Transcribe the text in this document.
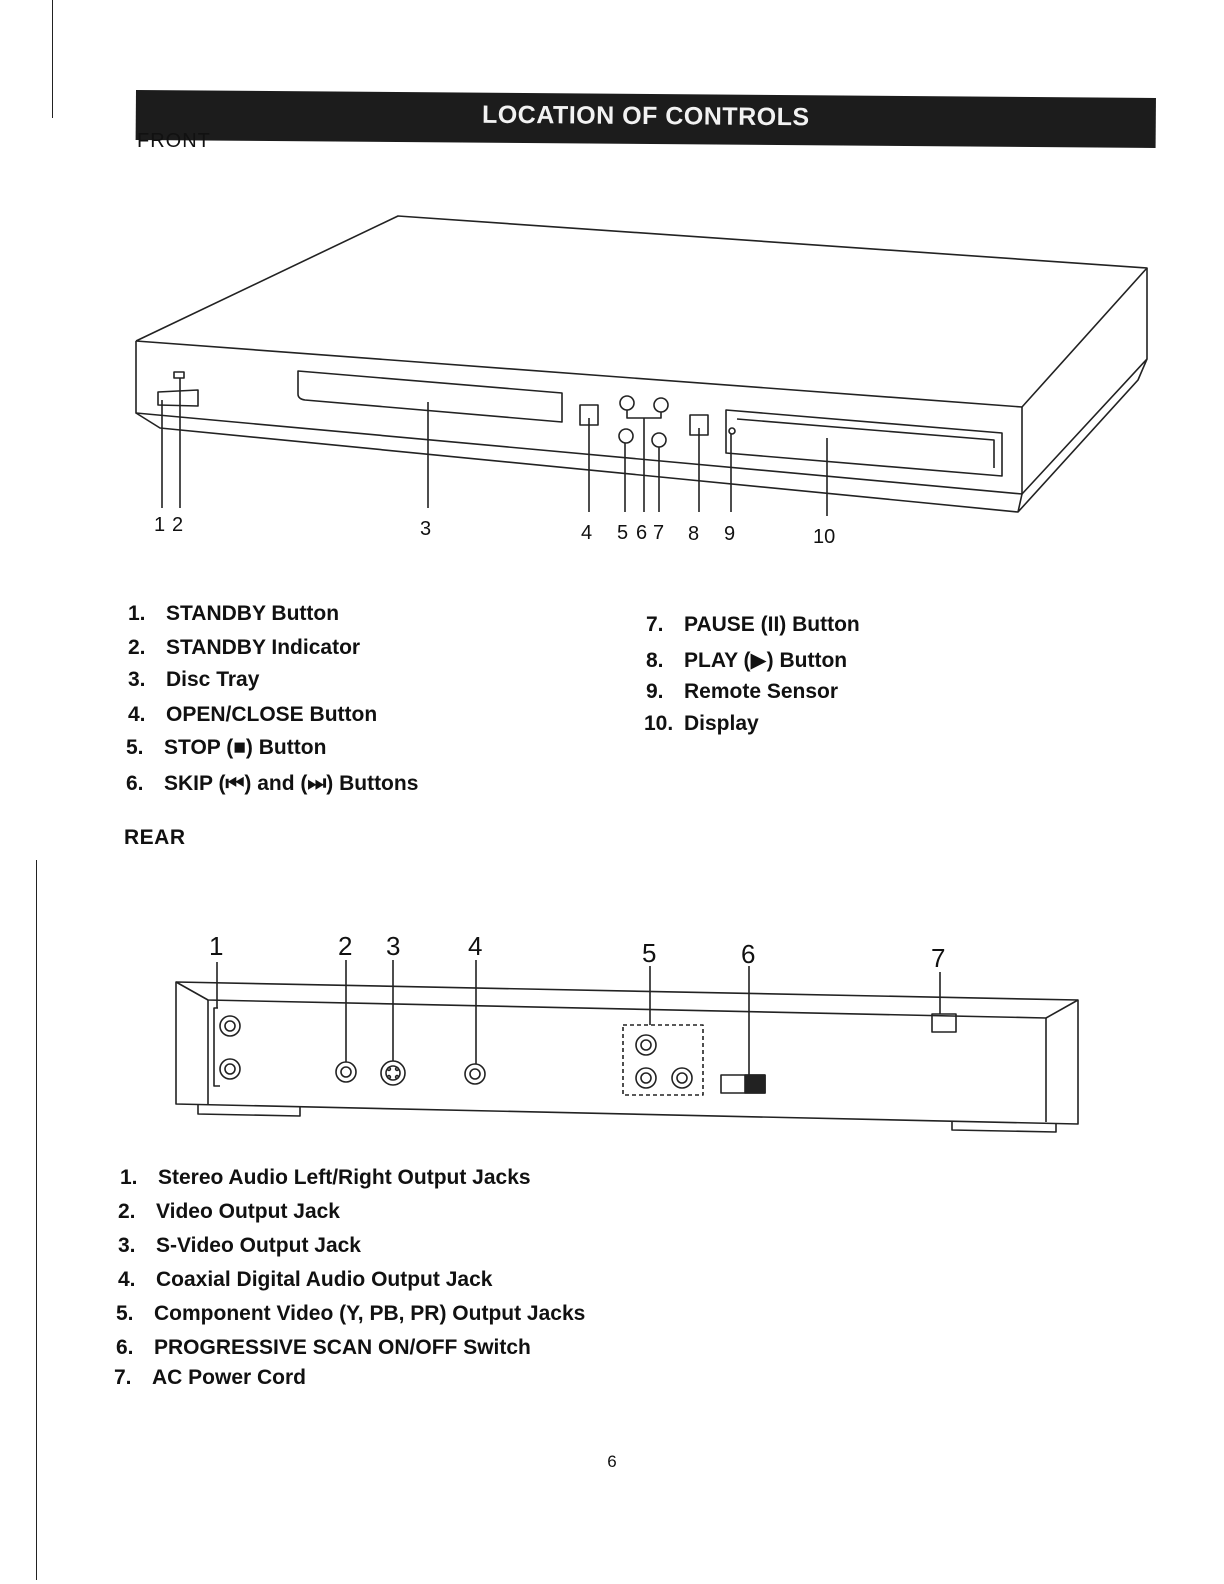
LOCATION OF CONTROLS
FRONT
1 2	3	4 5 6 7 8 9	10
1. STANDBY Button
2. STANDBY Indicator
3. Disc Tray
4. OPEN/CLOSE Button
5. STOP (■) Button
6. SKIP (⏮) and (⏭) Buttons
7. PAUSE (II) Button
8. PLAY (▶) Button
9. Remote Sensor
10. Display
REAR
1	2 3	4	5	6	7
1. Stereo Audio Left/Right Output Jacks
2. Video Output Jack
3. S-Video Output Jack
4. Coaxial Digital Audio Output Jack
5. Component Video (Y, PB, PR) Output Jacks
6. PROGRESSIVE SCAN ON/OFF Switch
7. AC Power Cord
6
